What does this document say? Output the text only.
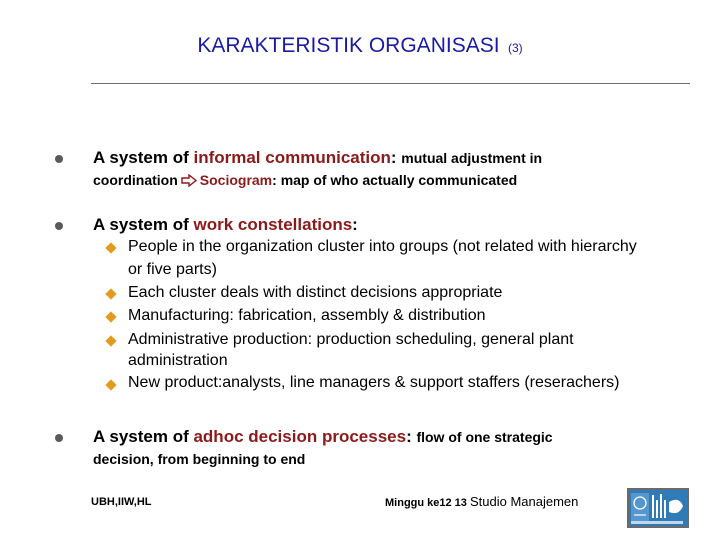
KARAKTERISTIK ORGANISASI (3)
A system of informal communication: mutual adjustment in
coordination Sociogram: map of who actually communicated
A system of work constellations:
People in the organization cluster into groups (not related with hierarchy
or five parts)
Each cluster deals with distinct decisions appropriate
Manufacturing: fabrication, assembly & distribution
Administrative production: production scheduling, general plant
administration
New product:analysts, line managers & support staffers (reserachers)
A system of adhoc decision processes: flow of one strategic
decision, from beginning to end
UBH,IIW,HL	Minggu ke12 13 Studio Manajemen
